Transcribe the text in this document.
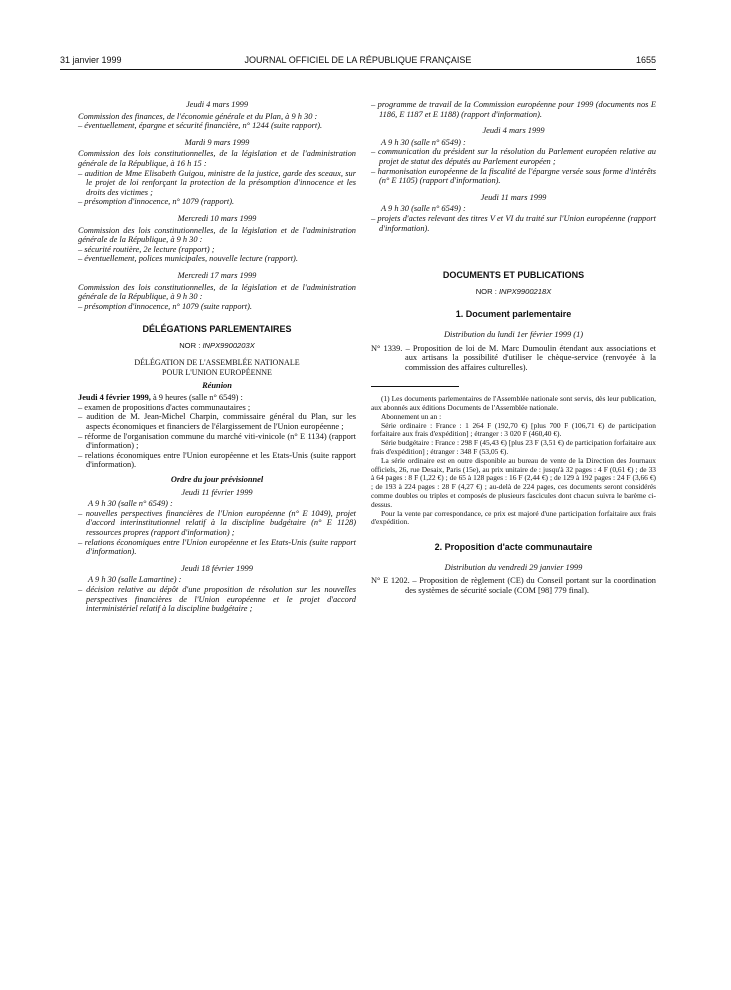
31 janvier 1999	JOURNAL OFFICIEL DE LA RÉPUBLIQUE FRANÇAISE	1655
Jeudi 4 mars 1999
Commission des finances, de l'économie générale et du Plan, à 9 h 30 :
– éventuellement, épargne et sécurité financière, n° 1244 (suite rapport).
Mardi 9 mars 1999
Commission des lois constitutionnelles, de la législation et de l'administration générale de la République, à 16 h 15 :
– audition de Mme Elisabeth Guigou, ministre de la justice, garde des sceaux, sur le projet de loi renforçant la protection de la présomption d'innocence et les droits des victimes ;
– présomption d'innocence, n° 1079 (rapport).
Mercredi 10 mars 1999
Commission des lois constitutionnelles, de la législation et de l'administration générale de la République, à 9 h 30 :
– sécurité routière, 2e lecture (rapport) ;
– éventuellement, polices municipales, nouvelle lecture (rapport).
Mercredi 17 mars 1999
Commission des lois constitutionnelles, de la législation et de l'administration générale de la République, à 9 h 30 :
– présomption d'innocence, n° 1079 (suite rapport).
DÉLÉGATIONS PARLEMENTAIRES
NOR : INPX9900203X
DÉLÉGATION DE L'ASSEMBLÉE NATIONALE
POUR L'UNION EUROPÉENNE
Réunion
Jeudi 4 février 1999, à 9 heures (salle n° 6549) :
– examen de propositions d'actes communautaires ;
– audition de M. Jean-Michel Charpin, commissaire général du Plan, sur les aspects économiques et financiers de l'élargissement de l'Union européenne ;
– réforme de l'organisation commune du marché viti-vinicole (n° E 1134) (rapport d'information) ;
– relations économiques entre l'Union européenne et les Etats-Unis (suite rapport d'information).
Ordre du jour prévisionnel
Jeudi 11 février 1999
A 9 h 30 (salle n° 6549) :
– nouvelles perspectives financières de l'Union européenne (n° E 1049), projet d'accord interinstitutionnel relatif à la discipline budgétaire (n° E 1128) ressources propres (rapport d'information) ;
– relations économiques entre l'Union européenne et les Etats-Unis (suite rapport d'information).
Jeudi 18 février 1999
A 9 h 30 (salle Lamartine) :
– décision relative au dépôt d'une proposition de résolution sur les nouvelles perspectives financières de l'Union européenne et le projet d'accord interministériel relatif à la discipline budgétaire ;
– programme de travail de la Commission européenne pour 1999 (documents nos E 1186, E 1187 et E 1188) (rapport d'information).
Jeudi 4 mars 1999
A 9 h 30 (salle n° 6549) :
– communication du président sur la résolution du Parlement européen relative au projet de statut des députés au Parlement européen ;
– harmonisation européenne de la fiscalité de l'épargne versée sous forme d'intérêts (n° E 1105) (rapport d'information).
Jeudi 11 mars 1999
A 9 h 30 (salle n° 6549) :
– projets d'actes relevant des titres V et VI du traité sur l'Union européenne (rapport d'information).
DOCUMENTS ET PUBLICATIONS
NOR : INPX9900218X
1. Document parlementaire
Distribution du lundi 1er février 1999 (1)
N° 1339. – Proposition de loi de M. Marc Dumoulin étendant aux associations et aux artisans la possibilité d'utiliser le chèque-service (renvoyée à la commission des affaires culturelles).
(1) Les documents parlementaires de l'Assemblée nationale sont servis, dès leur publication, aux abonnés aux éditions Documents de l'Assemblée nationale.
Abonnement un an :
Série ordinaire : France : 1 264 F (192,70 €) [plus 700 F (106,71 €) de participation forfaitaire aux frais d'expédition] ; étranger : 3 020 F (460,40 €).
Série budgétaire : France : 298 F (45,43 €) [plus 23 F (3,51 €) de participation forfaitaire aux frais d'expédition] ; étranger : 348 F (53,05 €).
La série ordinaire est en outre disponible au bureau de vente de la Direction des Journaux officiels, 26, rue Desaix, Paris (15e), au prix unitaire de : jusqu'à 32 pages : 4 F (0,61 €) ; de 33 à 64 pages : 8 F (1,22 €) ; de 65 à 128 pages : 16 F (2,44 €) ; de 129 à 192 pages : 24 F (3,66 €) ; de 193 à 224 pages : 28 F (4,27 €) ; au-delà de 224 pages, ces documents seront considérés comme doubles ou triples et composés de plusieurs fascicules dont chacun suivra le barème ci-dessus.
Pour la vente par correspondance, ce prix est majoré d'une participation forfaitaire aux frais d'expédition.
2. Proposition d'acte communautaire
Distribution du vendredi 29 janvier 1999
N° E 1202. – Proposition de règlement (CE) du Conseil portant sur la coordination des systèmes de sécurité sociale (COM [98] 779 final).
